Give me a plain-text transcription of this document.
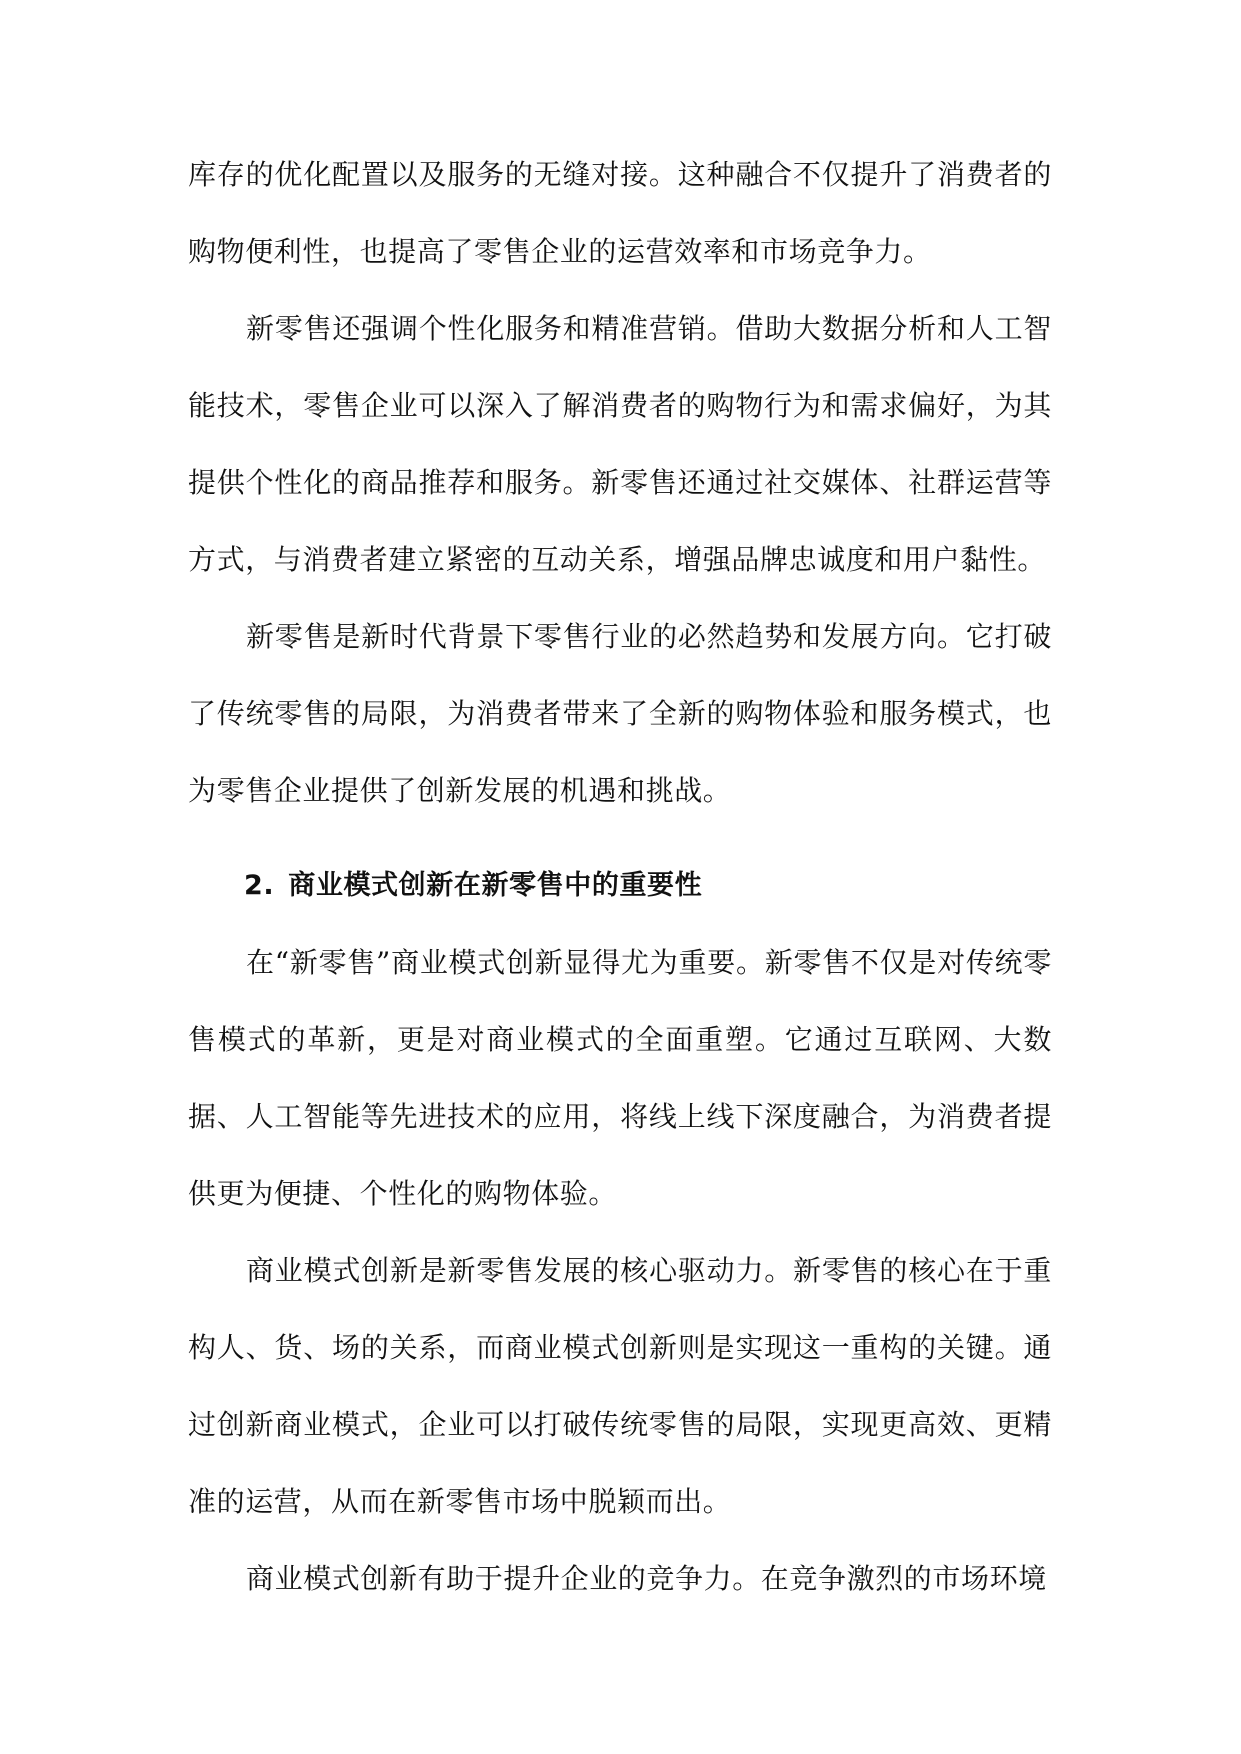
库存的优化配置以及服务的无缝对接。这种融合不仅提升了消费者的购物便利性，也提高了零售企业的运营效率和市场竞争力。

新零售还强调个性化服务和精准营销。借助大数据分析和人工智能技术，零售企业可以深入了解消费者的购物行为和需求偏好，为其提供个性化的商品推荐和服务。新零售还通过社交媒体、社群运营等方式，与消费者建立紧密的互动关系，增强品牌忠诚度和用户黏性。

新零售是新时代背景下零售行业的必然趋势和发展方向。它打破了传统零售的局限，为消费者带来了全新的购物体验和服务模式，也为零售企业提供了创新发展的机遇和挑战。

2. 商业模式创新在新零售中的重要性

在“新零售”商业模式创新显得尤为重要。新零售不仅是对传统零售模式的革新，更是对商业模式的全面重塑。它通过互联网、大数据、人工智能等先进技术的应用，将线上线下深度融合，为消费者提供更为便捷、个性化的购物体验。

商业模式创新是新零售发展的核心驱动力。新零售的核心在于重构人、货、场的关系，而商业模式创新则是实现这一重构的关键。通过创新商业模式，企业可以打破传统零售的局限，实现更高效、更精准的运营，从而在新零售市场中脱颖而出。

商业模式创新有助于提升企业的竞争力。在竞争激烈的市场环境
